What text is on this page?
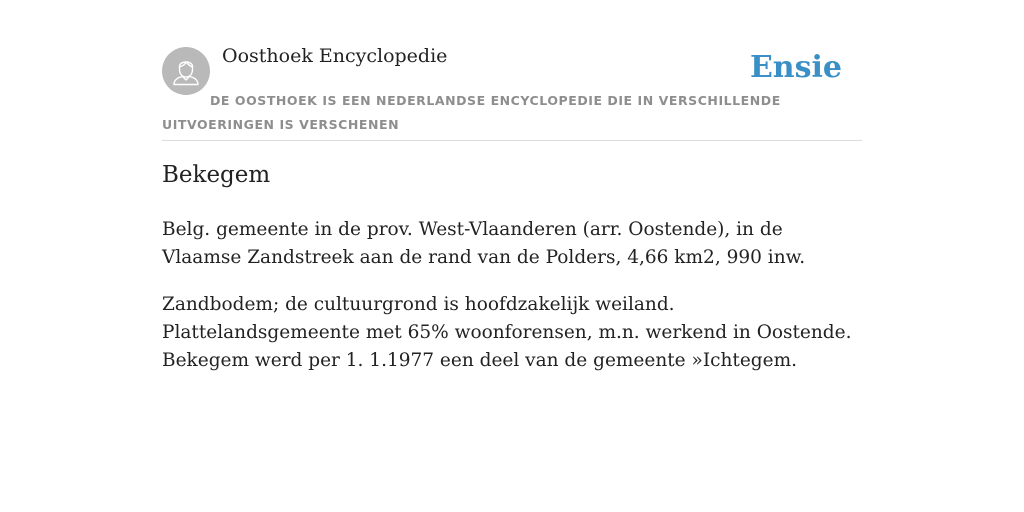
Oosthoek Encyclopedie	Ensie
DE OOSTHOEK IS EEN NEDERLANDSE ENCYCLOPEDIE DIE IN VERSCHILLENDE UITVOERINGEN IS VERSCHENEN
Bekegem

Belg. gemeente in de prov. West-Vlaanderen (arr. Oostende), in de Vlaamse Zandstreek aan de rand van de Polders, 4,66 km2, 990 inw.

Zandbodem; de cultuurgrond is hoofdzakelijk weiland. Plattelandsgemeente met 65% woonforensen, m.n. werkend in Oostende. Bekegem werd per 1. 1.1977 een deel van de gemeente »Ichtegem.
